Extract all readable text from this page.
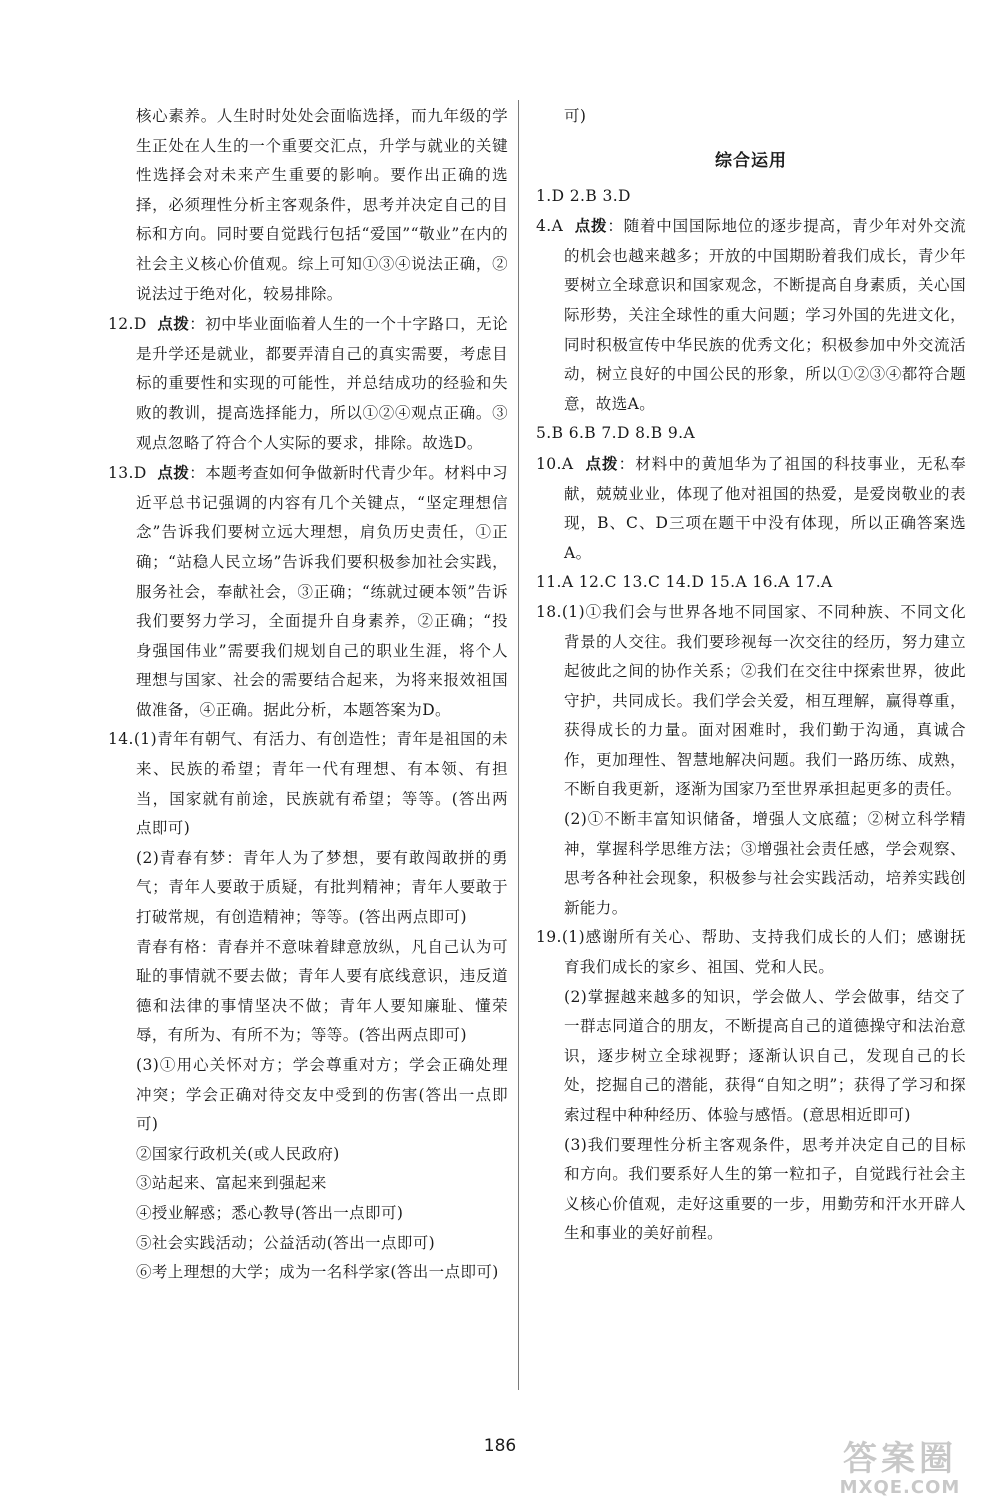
核心素养。人生时时处处会面临选择，而九年级的学生正处在人生的一个重要交汇点，升学与就业的关键性选择会对未来产生重要的影响。要作出正确的选择，必须理性分析主客观条件，思考并决定自己的目标和方向。同时要自觉践行包括“爱国”“敬业”在内的社会主义核心价值观。综上可知①③④说法正确，②说法过于绝对化，较易排除。

12.D 点拨：初中毕业面临着人生的一个十字路口，无论是升学还是就业，都要弄清自己的真实需要，考虑目标的重要性和实现的可能性，并总结成功的经验和失败的教训，提高选择能力，所以①②④观点正确。③观点忽略了符合个人实际的要求，排除。故选D。

13.D 点拨：本题考查如何争做新时代青少年。材料中习近平总书记强调的内容有几个关键点，“坚定理想信念”告诉我们要树立远大理想，肩负历史责任，①正确；“站稳人民立场”告诉我们要积极参加社会实践，服务社会，奉献社会，③正确；“练就过硬本领”告诉我们要努力学习，全面提升自身素养，②正确；“投身强国伟业”需要我们规划自己的职业生涯，将个人理想与国家、社会的需要结合起来，为将来报效祖国做准备，④正确。据此分析，本题答案为D。

14.(1)青年有朝气、有活力、有创造性；青年是祖国的未来、民族的希望；青年一代有理想、有本领、有担当，国家就有前途，民族就有希望；等等。(答出两点即可)

(2)青春有梦：青年人为了梦想，要有敢闯敢拼的勇气；青年人要敢于质疑，有批判精神；青年人要敢于打破常规，有创造精神；等等。(答出两点即可)

青春有格：青春并不意味着肆意放纵，凡自己认为可耻的事情就不要去做；青年人要有底线意识，违反道德和法律的事情坚决不做；青年人要知廉耻、懂荣辱，有所为、有所不为；等等。(答出两点即可)

(3)①用心关怀对方；学会尊重对方；学会正确处理冲突；学会正确对待交友中受到的伤害(答出一点即可)

②国家行政机关(或人民政府)

③站起来、富起来到强起来

④授业解惑；悉心教导(答出一点即可)

⑤社会实践活动；公益活动(答出一点即可)

⑥考上理想的大学；成为一名科学家(答出一点即可)

可)

综合运用

1.D 2.B 3.D

4.A 点拨：随着中国国际地位的逐步提高，青少年对外交流的机会也越来越多；开放的中国期盼着我们成长，青少年要树立全球意识和国家观念，不断提高自身素质，关心国际形势，关注全球性的重大问题；学习外国的先进文化，同时积极宣传中华民族的优秀文化；积极参加中外交流活动，树立良好的中国公民的形象，所以①②③④都符合题意，故选A。

5.B 6.B 7.D 8.B 9.A

10.A 点拨：材料中的黄旭华为了祖国的科技事业，无私奉献，兢兢业业，体现了他对祖国的热爱，是爱岗敬业的表现，B、C、D三项在题干中没有体现，所以正确答案选A。

11.A 12.C 13.C 14.D 15.A 16.A 17.A

18.(1)①我们会与世界各地不同国家、不同种族、不同文化背景的人交往。我们要珍视每一次交往的经历，努力建立起彼此之间的协作关系；②我们在交往中探索世界，彼此守护，共同成长。我们学会关爱，相互理解，赢得尊重，获得成长的力量。面对困难时，我们勤于沟通，真诚合作，更加理性、智慧地解决问题。我们一路历练、成熟，不断自我更新，逐渐为国家乃至世界承担起更多的责任。

(2)①不断丰富知识储备，增强人文底蕴；②树立科学精神，掌握科学思维方法；③增强社会责任感，学会观察、思考各种社会现象，积极参与社会实践活动，培养实践创新能力。

19.(1)感谢所有关心、帮助、支持我们成长的人们；感谢抚育我们成长的家乡、祖国、党和人民。

(2)掌握越来越多的知识，学会做人、学会做事，结交了一群志同道合的朋友，不断提高自己的道德操守和法治意识，逐步树立全球视野；逐渐认识自己，发现自己的长处，挖掘自己的潜能，获得“自知之明”；获得了学习和探索过程中种种经历、体验与感悟。(意思相近即可)

(3)我们要理性分析主客观条件，思考并决定自己的目标和方向。我们要系好人生的第一粒扣子，自觉践行社会主义核心价值观，走好这重要的一步，用勤劳和汗水开辟人生和事业的美好前程。

186	答案圈
MXQE.COM
